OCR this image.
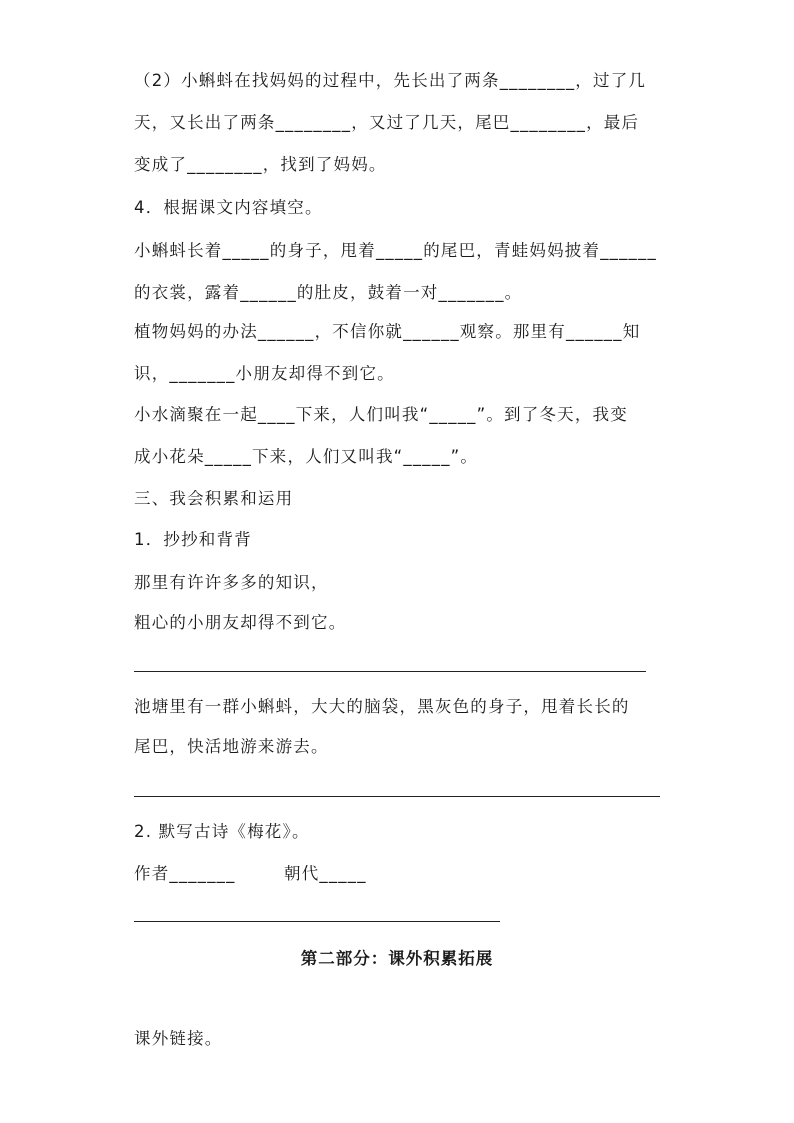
（2）小蝌蚪在找妈妈的过程中，先长出了两条________，过了几
天，又长出了两条________，又过了几天，尾巴________，最后
变成了________，找到了妈妈。
4．根据课文内容填空。
小蝌蚪长着_____的身子，甩着_____的尾巴，青蛙妈妈披着______
的衣裳，露着______的肚皮，鼓着一对_______。
植物妈妈的办法______，不信你就______观察。那里有______知
识，_______小朋友却得不到它。
小水滴聚在一起____下来，人们叫我“_____”。到了冬天，我变
成小花朵_____下来，人们又叫我“_____”。
三、我会积累和运用
1．抄抄和背背
那里有许许多多的知识，
粗心的小朋友却得不到它。
池塘里有一群小蝌蚪，大大的脑袋，黑灰色的身子，甩着长长的
尾巴，快活地游来游去。
2. 默写古诗《梅花》。
作者_______	朝代_____
第二部分：课外积累拓展
课外链接。
